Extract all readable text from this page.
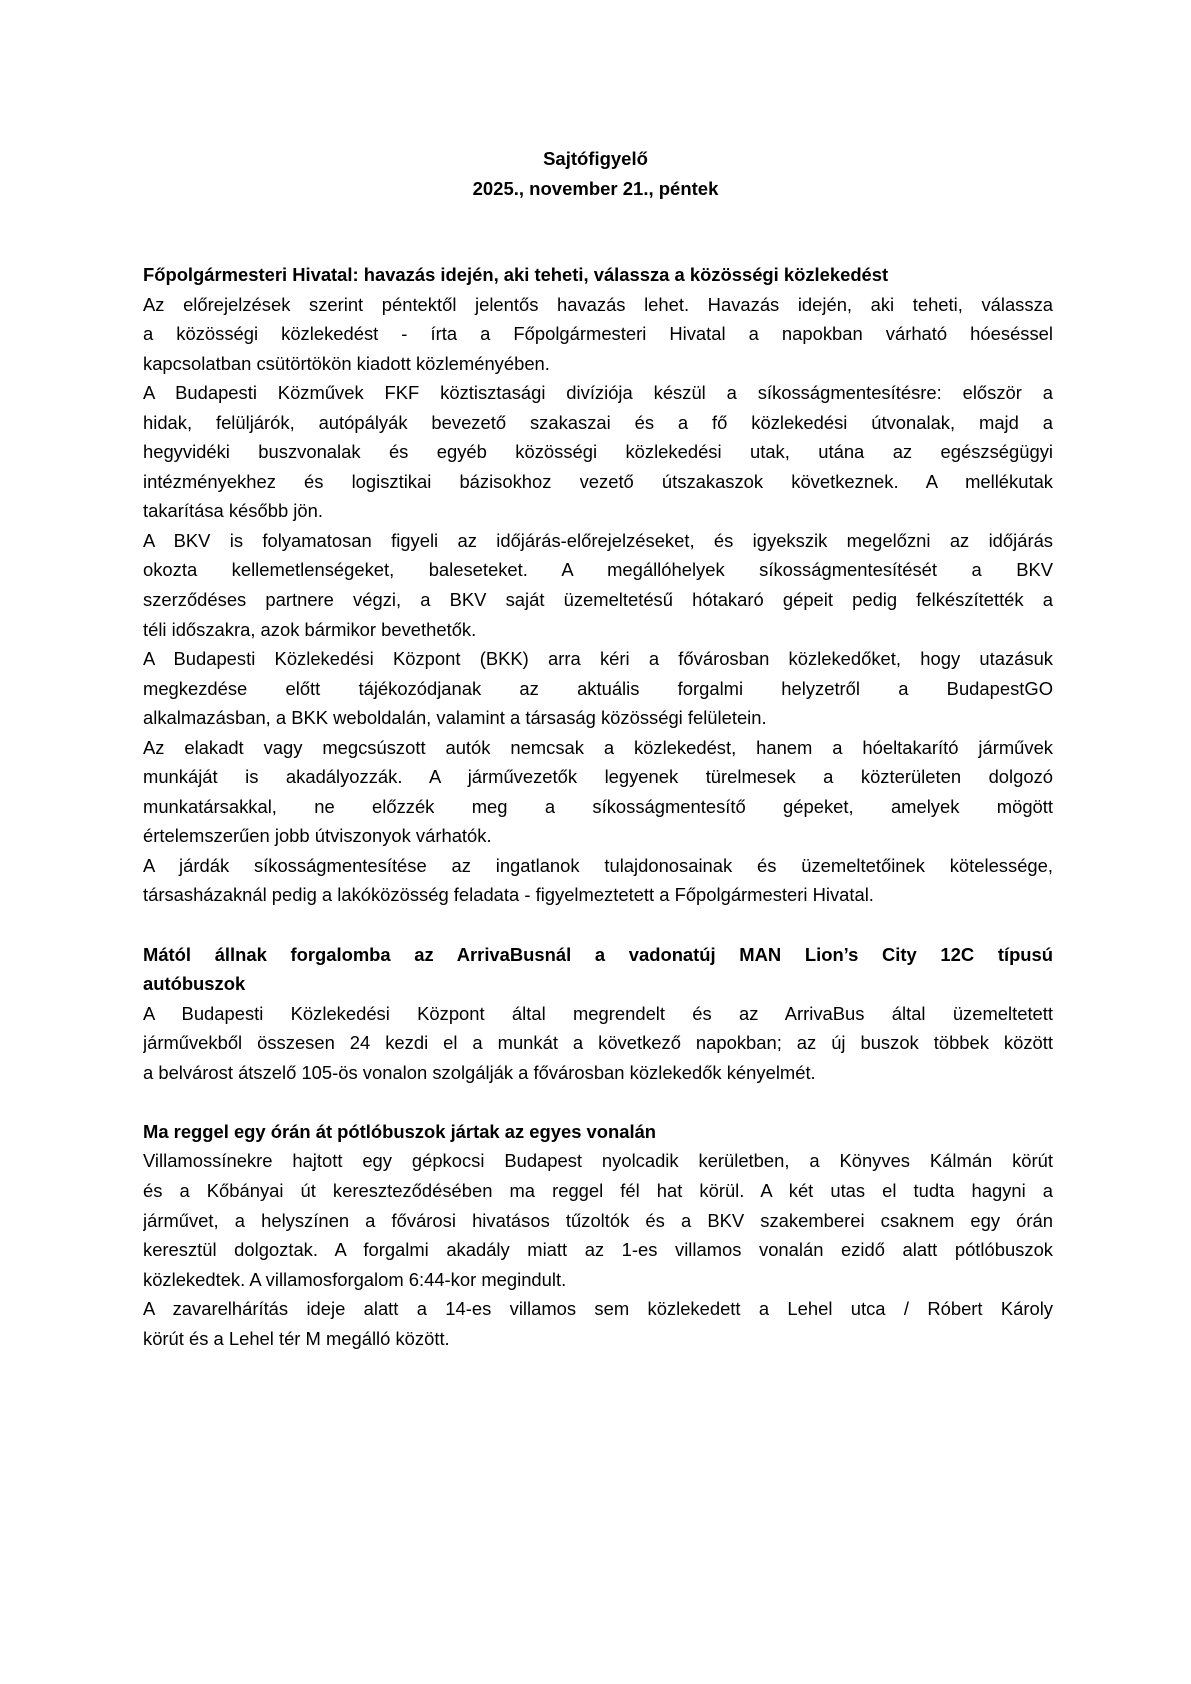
Sajtófigyelő
2025., november 21., péntek
Főpolgármesteri Hivatal: havazás idején, aki teheti, válassza a közösségi közlekedést
Az előrejelzések szerint péntektől jelentős havazás lehet. Havazás idején, aki teheti, válassza
a közösségi közlekedést - írta a Főpolgármesteri Hivatal a napokban várható hóeséssel
kapcsolatban csütörtökön kiadott közleményében.
A Budapesti Közművek FKF köztisztasági divíziója készül a síkosságmentesítésre: először a
hidak, felüljárók, autópályák bevezető szakaszai és a fő közlekedési útvonalak, majd a
hegyvidéki buszvonalak és egyéb közösségi közlekedési utak, utána az egészségügyi
intézményekhez és logisztikai bázisokhoz vezető útszakaszok következnek. A mellékutak
takarítása később jön.
A BKV is folyamatosan figyeli az időjárás-előrejelzéseket, és igyekszik megelőzni az időjárás
okozta kellemetlenségeket, baleseteket. A megállóhelyek síkosságmentesítését a BKV
szerződéses partnere végzi, a BKV saját üzemeltetésű hótakaró gépeit pedig felkészítették a
téli időszakra, azok bármikor bevethetők.
A Budapesti Közlekedési Központ (BKK) arra kéri a fővárosban közlekedőket, hogy utazásuk
megkezdése előtt tájékozódjanak az aktuális forgalmi helyzetről a BudapestGO
alkalmazásban, a BKK weboldalán, valamint a társaság közösségi felületein.
Az elakadt vagy megcsúszott autók nemcsak a közlekedést, hanem a hóeltakarító járművek
munkáját is akadályozzák. A járművezetők legyenek türelmesek a közterületen dolgozó
munkatársakkal, ne előzzék meg a síkosságmentesítő gépeket, amelyek mögött
értelemszerűen jobb útviszonyok várhatók.
A járdák síkosságmentesítése az ingatlanok tulajdonosainak és üzemeltetőinek kötelessége,
társasházaknál pedig a lakóközösség feladata - figyelmeztetett a Főpolgármesteri Hivatal.
Mától állnak forgalomba az ArrivaBusnál a vadonatúj MAN Lion’s City 12C típusú
autóbuszok
A Budapesti Közlekedési Központ által megrendelt és az ArrivaBus által üzemeltetett
járművekből összesen 24 kezdi el a munkát a következő napokban; az új buszok többek között
a belvárost átszelő 105-ös vonalon szolgálják a fővárosban közlekedők kényelmét.
Ma reggel egy órán át pótlóbuszok jártak az egyes vonalán
Villamossínekre hajtott egy gépkocsi Budapest nyolcadik kerületben, a Könyves Kálmán körút
és a Kőbányai út kereszteződésében ma reggel fél hat körül. A két utas el tudta hagyni a
járművet, a helyszínen a fővárosi hivatásos tűzoltók és a BKV szakemberei csaknem egy órán
keresztül dolgoztak. A forgalmi akadály miatt az 1-es villamos vonalán ezidő alatt pótlóbuszok
közlekedtek. A villamosforgalom 6:44-kor megindult.
A zavarelhárítás ideje alatt a 14-es villamos sem közlekedett a Lehel utca / Róbert Károly
körút és a Lehel tér M megálló között.
